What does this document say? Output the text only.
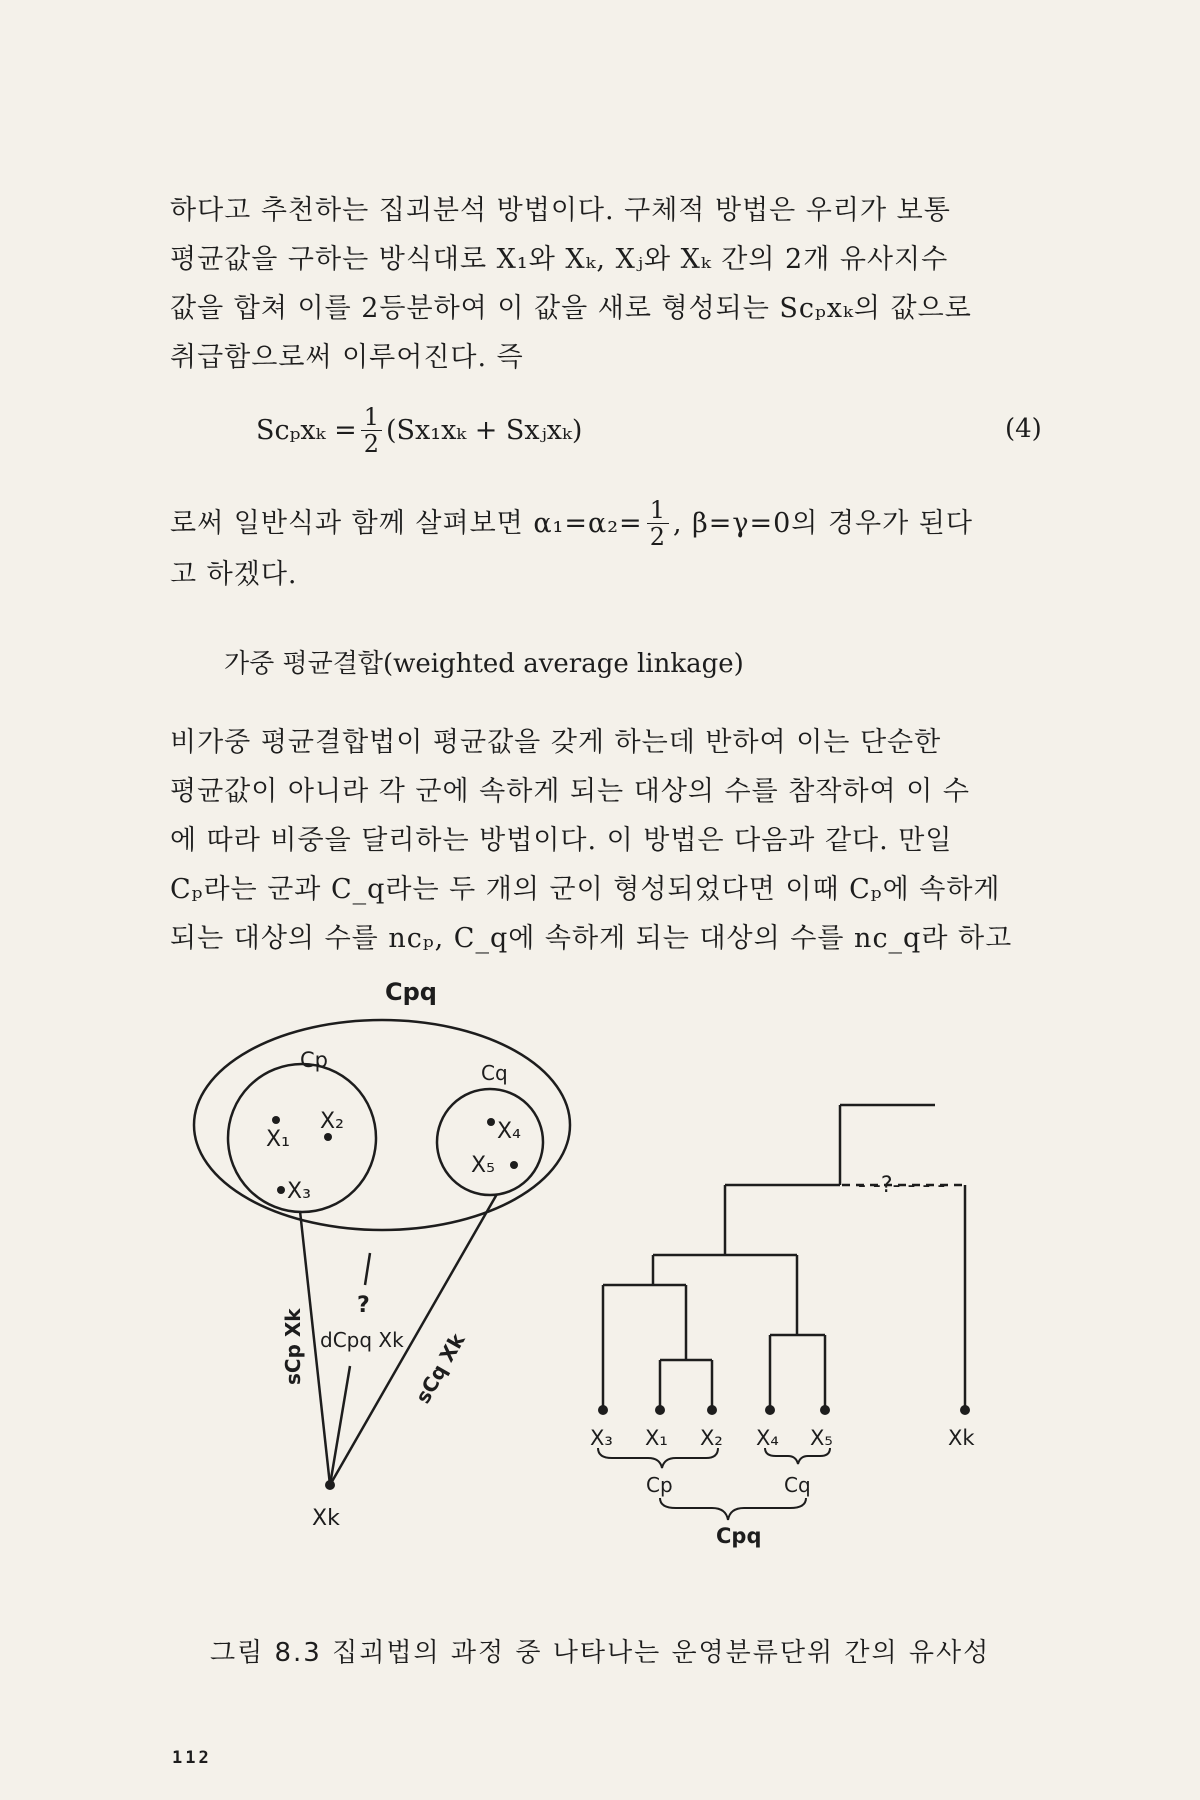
하다고 추천하는 집괴분석 방법이다. 구체적 방법은 우리가 보통

평균값을 구하는 방식대로 X₁와 Xₖ, Xⱼ와 Xₖ 간의 2개 유사지수

값을 합쳐 이를 2등분하여 이 값을 새로 형성되는 Scₚxₖ의 값으로

취급함으로써 이루어진다. 즉

$Sc_px_k = \frac{1}{2} (Sx_1x_k$ + Sxⱼxₖ)	(4)

로써 일반식과 함께 살펴보면 $\alpha_1=\alpha_2= \frac{1}{2}$ , β=γ=0의 경우가 된다

고 하겠다.

가중 평균결합(weighted average linkage)

비가중 평균결합법이 평균값을 갖게 하는데 반하여 이는 단순한

평균값이 아니라 각 군에 속하게 되는 대상의 수를 참작하여 이 수

에 따라 비중을 달리하는 방법이다. 이 방법은 다음과 같다. 만일

Cₚ라는 군과 C_q라는 두 개의 군이 형성되었다면 이때 Cₚ에 속하게

되는 대상의 수를 ncₚ, C_q에 속하게 되는 대상의 수를 nc_q라 하고

Cpq
Cp
Cq
X₁
X₂
X₃
X₄
X₅
Xk
?
dCpq Xk
sCp Xk	sCq Xk
X₃ X₁ X₂ X₄ X₅	Xk
- -?- - - -
- - - - - -
Cp	Cq
Cpq
그림 8.3 집괴법의 과정 중 나타나는 운영분류단위 간의 유사성
112
